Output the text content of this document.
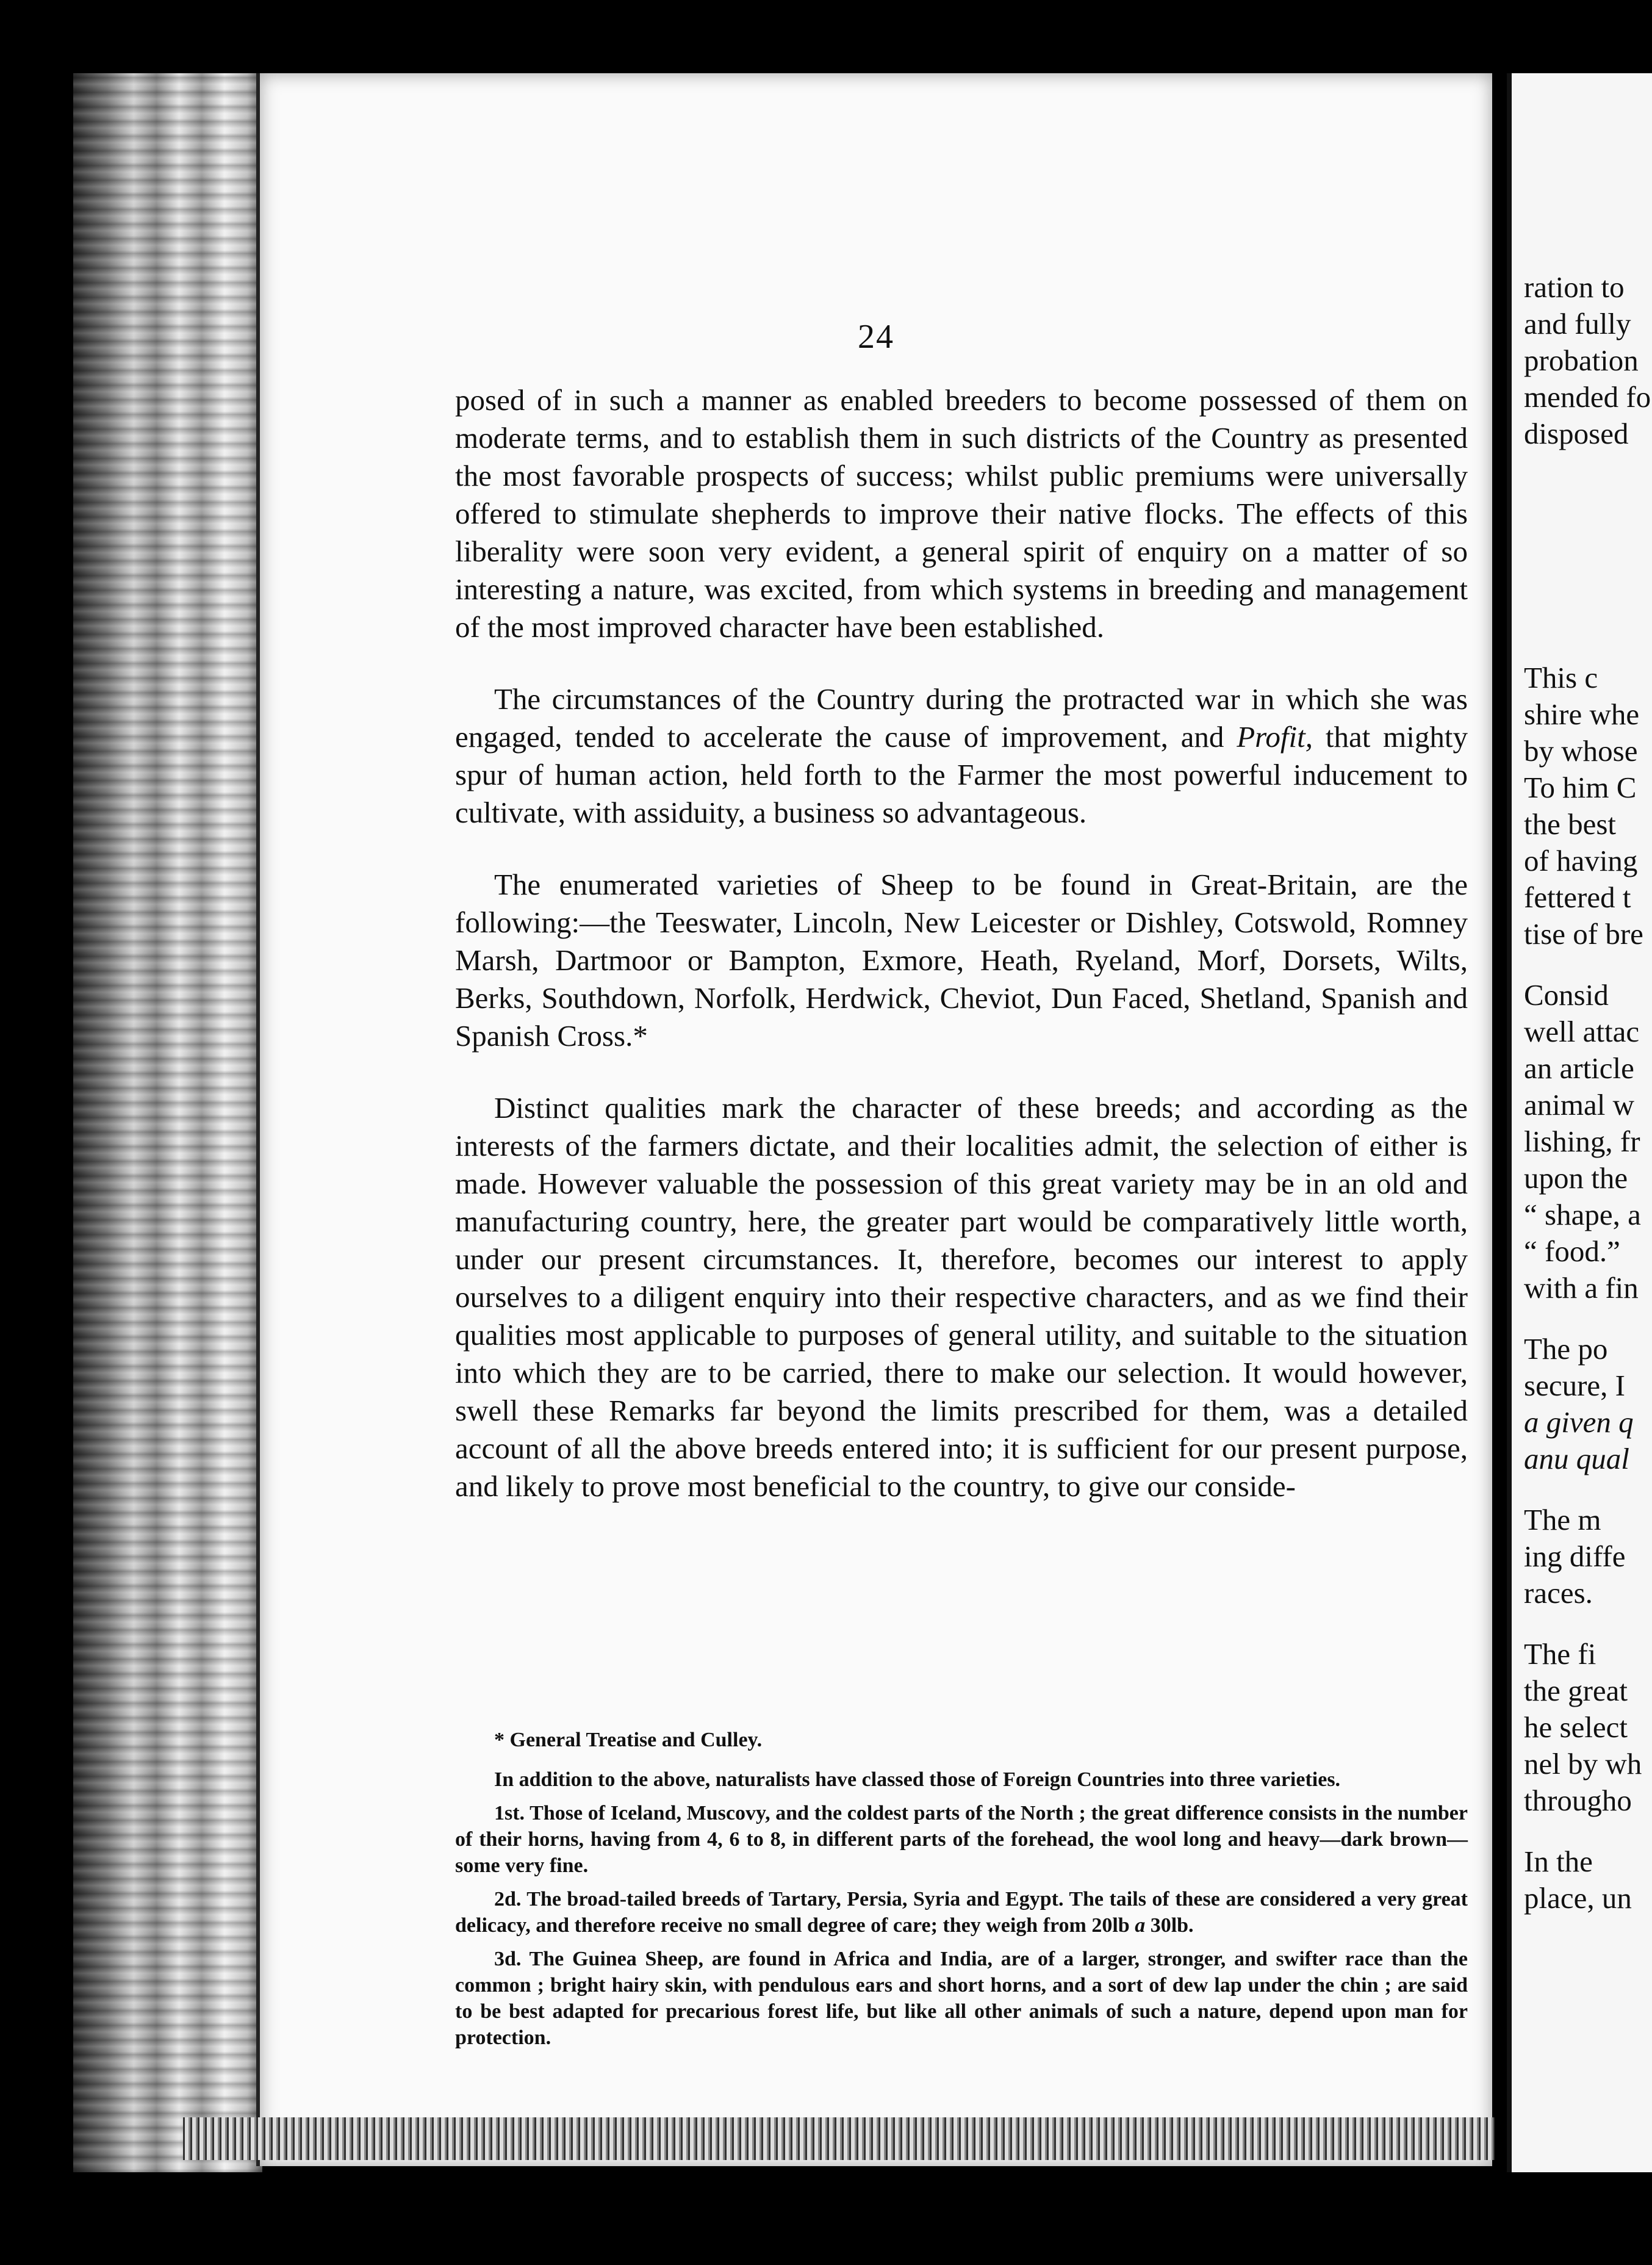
24

posed of in such a manner as enabled breeders to become possessed of them on moderate terms, and to establish them in such districts of the Country as presented the most favorable prospects of success; whilst public premiums were universally offered to stimulate shepherds to improve their native flocks. The effects of this liberality were soon very evident, a general spirit of enquiry on a matter of so interesting a nature, was excited, from which systems in breeding and management of the most improved character have been established.

The circumstances of the Country during the protracted war in which she was engaged, tended to accelerate the cause of improvement, and Profit, that mighty spur of human action, held forth to the Farmer the most powerful inducement to cultivate, with assiduity, a business so advantageous.

The enumerated varieties of Sheep to be found in Great-Britain, are the following:—the Teeswater, Lincoln, New Leicester or Dishley, Cotswold, Romney Marsh, Dartmoor or Bampton, Exmore, Heath, Ryeland, Morf, Dorsets, Wilts, Berks, Southdown, Norfolk, Herdwick, Cheviot, Dun Faced, Shetland, Spanish and Spanish Cross.*

Distinct qualities mark the character of these breeds; and according as the interests of the farmers dictate, and their localities admit, the selection of either is made. However valuable the possession of this great variety may be in an old and manufacturing country, here, the greater part would be comparatively little worth, under our present circumstances. It, therefore, becomes our interest to apply ourselves to a diligent enquiry into their respective characters, and as we find their qualities most applicable to purposes of general utility, and suitable to the situation into which they are to be carried, there to make our selection. It would however, swell these Remarks far beyond the limits prescribed for them, was a detailed account of all the above breeds entered into; it is sufficient for our present purpose, and likely to prove most beneficial to the country, to give our conside-

* General Treatise and Culley.

In addition to the above, naturalists have classed those of Foreign Countries into three varieties.

1st. Those of Iceland, Muscovy, and the coldest parts of the North ; the great difference consists in the number of their horns, having from 4, 6 to 8, in different parts of the forehead, the wool long and heavy—dark brown—some very fine.

2d. The broad-tailed breeds of Tartary, Persia, Syria and Egypt. The tails of these are considered a very great delicacy, and therefore receive no small degree of care; they weigh from 20lb a 30lb.

3d. The Guinea Sheep, are found in Africa and India, are of a larger, stronger, and swifter race than the common ; bright hairy skin, with pendulous ears and short horns, and a sort of dew lap under the chin ; are said to be best adapted for precarious forest life, but like all other animals of such a nature, depend upon man for protection.

ration to
and fully
probation
mended fo
disposed
This c
shire whe
by whose
To him C
the best
of having
fettered t
tise of bre
Consid
well attac
an article
animal w
lishing, fr
upon the
“ shape, a
“ food.”
with a fin
The po
secure, I
a given q
anu qual
The m
ing diffe
races.
The fi
the great
he select
nel by wh
througho
In the
place, un
